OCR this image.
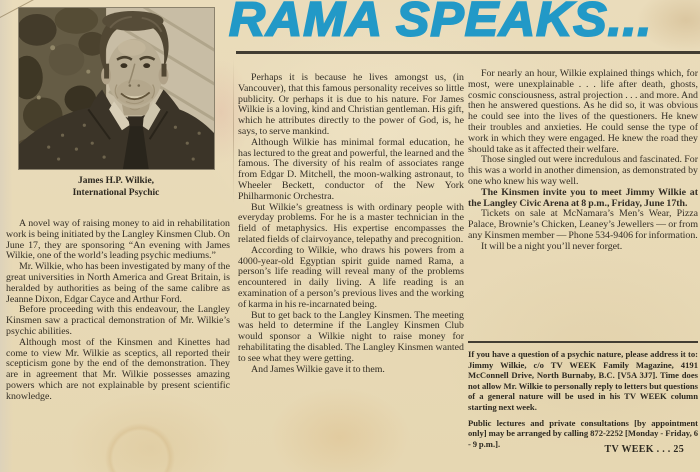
RAMA SPEAKS...
James H.P. Wilkie,
International Psychic

A novel way of raising money to aid in rehabilitation work is being initiated by the Langley Kinsmen Club. On June 17, they are sponsoring “An evening with James Wilkie, one of the world’s leading psychic mediums.”

Mr. Wilkie, who has been investigated by many of the great universities in North America and Great Britain, is heralded by authorities as being of the same calibre as Jeanne Dixon, Edgar Cayce and Arthur Ford.

Before proceeding with this endeavour, the Langley Kinsmen saw a practical demonstration of Mr. Wilkie’s psychic abilities.

Although most of the Kinsmen and Kinettes had come to view Mr. Wilkie as sceptics, all reported their scepticism gone by the end of the demonstration. They are in agreement that Mr. Wilkie possesses amazing powers which are not explainable by present scientific knowledge.

Perhaps it is because he lives amongst us, (in Vancouver), that this famous personality receives so little publicity. Or perhaps it is due to his nature. For James Wilkie is a loving, kind and Christian gentleman. His gift, which he attributes directly to the power of God, is, he says, to serve mankind.

Although Wilkie has minimal formal education, he has lectured to the great and powerful, the learned and the famous. The diversity of his realm of associates range from Edgar D. Mitchell, the moon-walking astronaut, to Wheeler Beckett, conductor of the New York Philharmonic Orchestra.

But Wilkie’s greatness is with ordinary people with everyday problems. For he is a master technician in the field of metaphysics. His expertise encompasses the related fields of clairvoyance, telepathy and precognition.

According to Wilkie, who draws his powers from a 4000-year-old Egyptian spirit guide named Rama, a person’s life reading will reveal many of the problems encountered in daily living. A life reading is an examination of a person’s previous lives and the working of karma in his re-incarnated being.

But to get back to the Langley Kinsmen. The meeting was held to determine if the Langley Kinsmen Club would sponsor a Wilkie night to raise money for rehabilitating the disabled. The Langley Kinsmen wanted to see what they were getting.

And James Wilkie gave it to them.

For nearly an hour, Wilkie explained things which, for most, were unexplainable . . . life after death, ghosts, cosmic consciousness, astral projection . . . and more. And then he answered questions. As he did so, it was obvious he could see into the lives of the questioners. He knew their troubles and anxieties. He could sense the type of work in which they were engaged. He knew the road they should take as it affected their welfare.

Those singled out were incredulous and fascinated. For this was a world in another dimension, as demonstrated by one who knew his way well.

The Kinsmen invite you to meet Jimmy Wilkie at the Langley Civic Arena at 8 p.m., Friday, June 17th.

Tickets on sale at McNamara’s Men’s Wear, Pizza Palace, Brownie’s Chicken, Leaney’s Jewellers — or from any Kinsmen member — Phone 534-9406 for information.

It will be a night you’ll never forget.

If you have a question of a psychic nature, please address it to: Jimmy Wilkie, c/o TV WEEK Family Magazine, 4191 McConnell Drive, North Burnaby, B.C. [V5A 3J7]. Time does not allow Mr. Wilkie to personally reply to letters but questions of a general nature will be used in his TV WEEK column starting next week.

Public lectures and private consultations [by appointment only] may be arranged by calling 872-2252 [Monday - Friday, 6 - 9 p.m.].

TV WEEK . . . 25
